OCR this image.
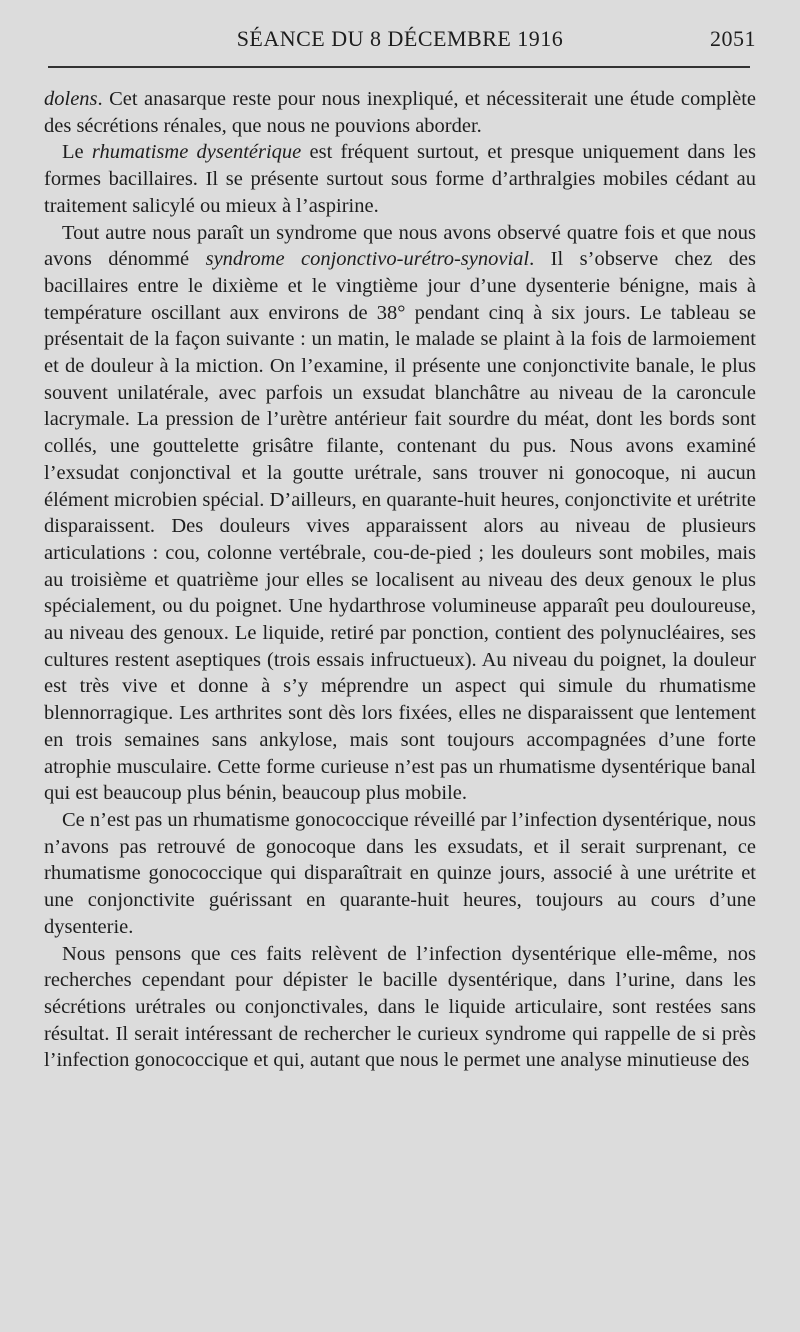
SÉANCE DU 8 DÉCEMBRE 1916	2051

dolens. Cet anasarque reste pour nous inexpliqué, et nécessiterait une étude complète des sécrétions rénales, que nous ne pouvions aborder.

Le rhumatisme dysentérique est fréquent surtout, et presque uniquement dans les formes bacillaires. Il se présente surtout sous forme d’arthralgies mobiles cédant au traitement salicylé ou mieux à l’aspirine.

Tout autre nous paraît un syndrome que nous avons observé quatre fois et que nous avons dénommé syndrome conjonctivo-urétro-synovial. Il s’observe chez des bacillaires entre le dixième et le vingtième jour d’une dysenterie bénigne, mais à température oscillant aux environs de 38° pendant cinq à six jours. Le tableau se présentait de la façon suivante : un matin, le malade se plaint à la fois de larmoiement et de douleur à la miction. On l’examine, il présente une conjonctivite banale, le plus souvent unilatérale, avec parfois un exsudat blanchâtre au niveau de la caroncule lacrymale. La pression de l’urètre antérieur fait sourdre du méat, dont les bords sont collés, une gouttelette grisâtre filante, contenant du pus. Nous avons examiné l’exsudat conjonctival et la goutte urétrale, sans trouver ni gonocoque, ni aucun élément microbien spécial. D’ailleurs, en quarante-huit heures, conjonctivite et urétrite disparaissent. Des douleurs vives apparaissent alors au niveau de plusieurs articulations : cou, colonne vertébrale, cou-de-pied ; les douleurs sont mobiles, mais au troisième et quatrième jour elles se localisent au niveau des deux genoux le plus spécialement, ou du poignet. Une hydarthrose volumineuse apparaît peu douloureuse, au niveau des genoux. Le liquide, retiré par ponction, contient des polynucléaires, ses cultures restent aseptiques (trois essais infructueux). Au niveau du poignet, la douleur est très vive et donne à s’y méprendre un aspect qui simule du rhumatisme blennorragique. Les arthrites sont dès lors fixées, elles ne disparaissent que lentement en trois semaines sans ankylose, mais sont toujours accompagnées d’une forte atrophie musculaire. Cette forme curieuse n’est pas un rhumatisme dysentérique banal qui est beaucoup plus bénin, beaucoup plus mobile.

Ce n’est pas un rhumatisme gonococcique réveillé par l’infection dysentérique, nous n’avons pas retrouvé de gonocoque dans les exsudats, et il serait surprenant, ce rhumatisme gonococcique qui disparaîtrait en quinze jours, associé à une urétrite et une conjonctivite guérissant en quarante-huit heures, toujours au cours d’une dysenterie.

Nous pensons que ces faits relèvent de l’infection dysentérique elle-même, nos recherches cependant pour dépister le bacille dysentérique, dans l’urine, dans les sécrétions urétrales ou conjonctivales, dans le liquide articulaire, sont restées sans résultat. Il serait intéressant de rechercher le curieux syndrome qui rappelle de si près l’infection gonococcique et qui, autant que nous le permet une analyse minutieuse des
